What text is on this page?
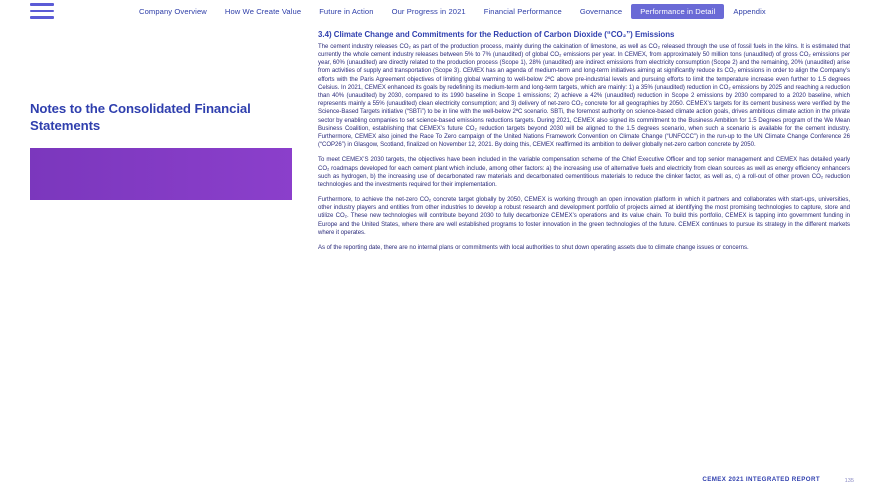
Company Overview	How We Create Value	Future in Action	Our Progress in 2021	Financial Performance	Governance	Performance in Detail	Appendix
Notes to the Consolidated Financial Statements
3.4) Climate Change and Commitments for the Reduction of Carbon Dioxide (“CO₂”) Emissions

The cement industry releases CO₂ as part of the production process, mainly during the calcination of limestone, as well as CO₂ released through the use of fossil fuels in the kilns. It is estimated that currently the whole cement industry releases between 5% to 7% (unaudited) of global CO₂ emissions per year. In CEMEX, from approximately 50 million tons (unaudited) of gross CO₂ emissions per year, 60% (unaudited) are directly related to the production process (Scope 1), 28% (unaudited) are indirect emissions from electricity consumption (Scope 2) and the remaining, 20% (unaudited) arise from activities of supply and transportation (Scope 3). CEMEX has an agenda of medium-term and long-term initiatives aiming at significantly reduce its CO₂ emissions in order to align the Company’s efforts with the Paris Agreement objectives of limiting global warming to well-below 2ºC above pre-industrial levels and pursuing efforts to limit the temperature increase even further to 1.5 degrees Celsius. In 2021, CEMEX enhanced its goals by redefining its medium-term and long-term targets, which are mainly: 1) a 35% (unaudited) reduction in CO₂ emissions by 2025 and reaching a reduction than 40% (unaudited) by 2030, compared to its 1990 baseline in Scope 1 emissions; 2) achieve a 42% (unaudited) reduction in Scope 2 emissions by 2030 compared to a 2020 baseline, which represents mainly a 55% (unaudited) clean electricity consumption; and 3) delivery of net-zero CO₂ concrete for all geographies by 2050. CEMEX’s targets for its cement business were verified by the Science-Based Targets initiative (“SBTi”) to be in line with the well-below 2ºC scenario. SBTi, the foremost authority on science-based climate action goals, drives ambitious climate action in the private sector by enabling companies to set science-based emissions reductions targets. During 2021, CEMEX also signed its commitment to the Business Ambition for 1.5 Degrees program of the We Mean Business Coalition, establishing that CEMEX’s future CO₂ reduction targets beyond 2030 will be aligned to the 1.5 degrees scenario, when such a scenario is available for the cement industry. Furthermore, CEMEX also joined the Race To Zero campaign of the United Nations Framework Convention on Climate Change (“UNFCCC”) in the run-up to the UN Climate Change Conference 26 (“COP26”) in Glasgow, Scotland, finalized on November 12, 2021. By doing this, CEMEX reaffirmed its ambition to deliver globally net-zero carbon concrete by 2050.

To meet CEMEX’S 2030 targets, the objectives have been included in the variable compensation scheme of the Chief Executive Officer and top senior management and CEMEX has detailed yearly CO₂ roadmaps developed for each cement plant which include, among other factors: a) the increasing use of alternative fuels and electricity from clean sources as well as energy efficiency enhancers such as hydrogen, b) the increasing use of decarbonated raw materials and decarbonated cementitious materials to reduce the clinker factor, as well as, c) a roll-out of other proven CO₂ reduction technologies and the investments required for their implementation.

Furthermore, to achieve the net-zero CO₂ concrete target globally by 2050, CEMEX is working through an open innovation platform in which it partners and collaborates with start-ups, universities, other industry players and entities from other industries to develop a robust research and development portfolio of projects aimed at identifying the most promising technologies to capture, store and utilize CO₂. These new technologies will contribute beyond 2030 to fully decarbonize CEMEX’s operations and its value chain. To build this portfolio, CEMEX is tapping into government funding in Europe and the United States, where there are well established programs to foster innovation in the green technologies of the future. CEMEX continues to pursue its strategy in the different markets where it operates.

As of the reporting date, there are no internal plans or commitments with local authorities to shut down operating assets due to climate change issues or concerns.

CEMEX 2021 INTEGRATED REPORT	135
